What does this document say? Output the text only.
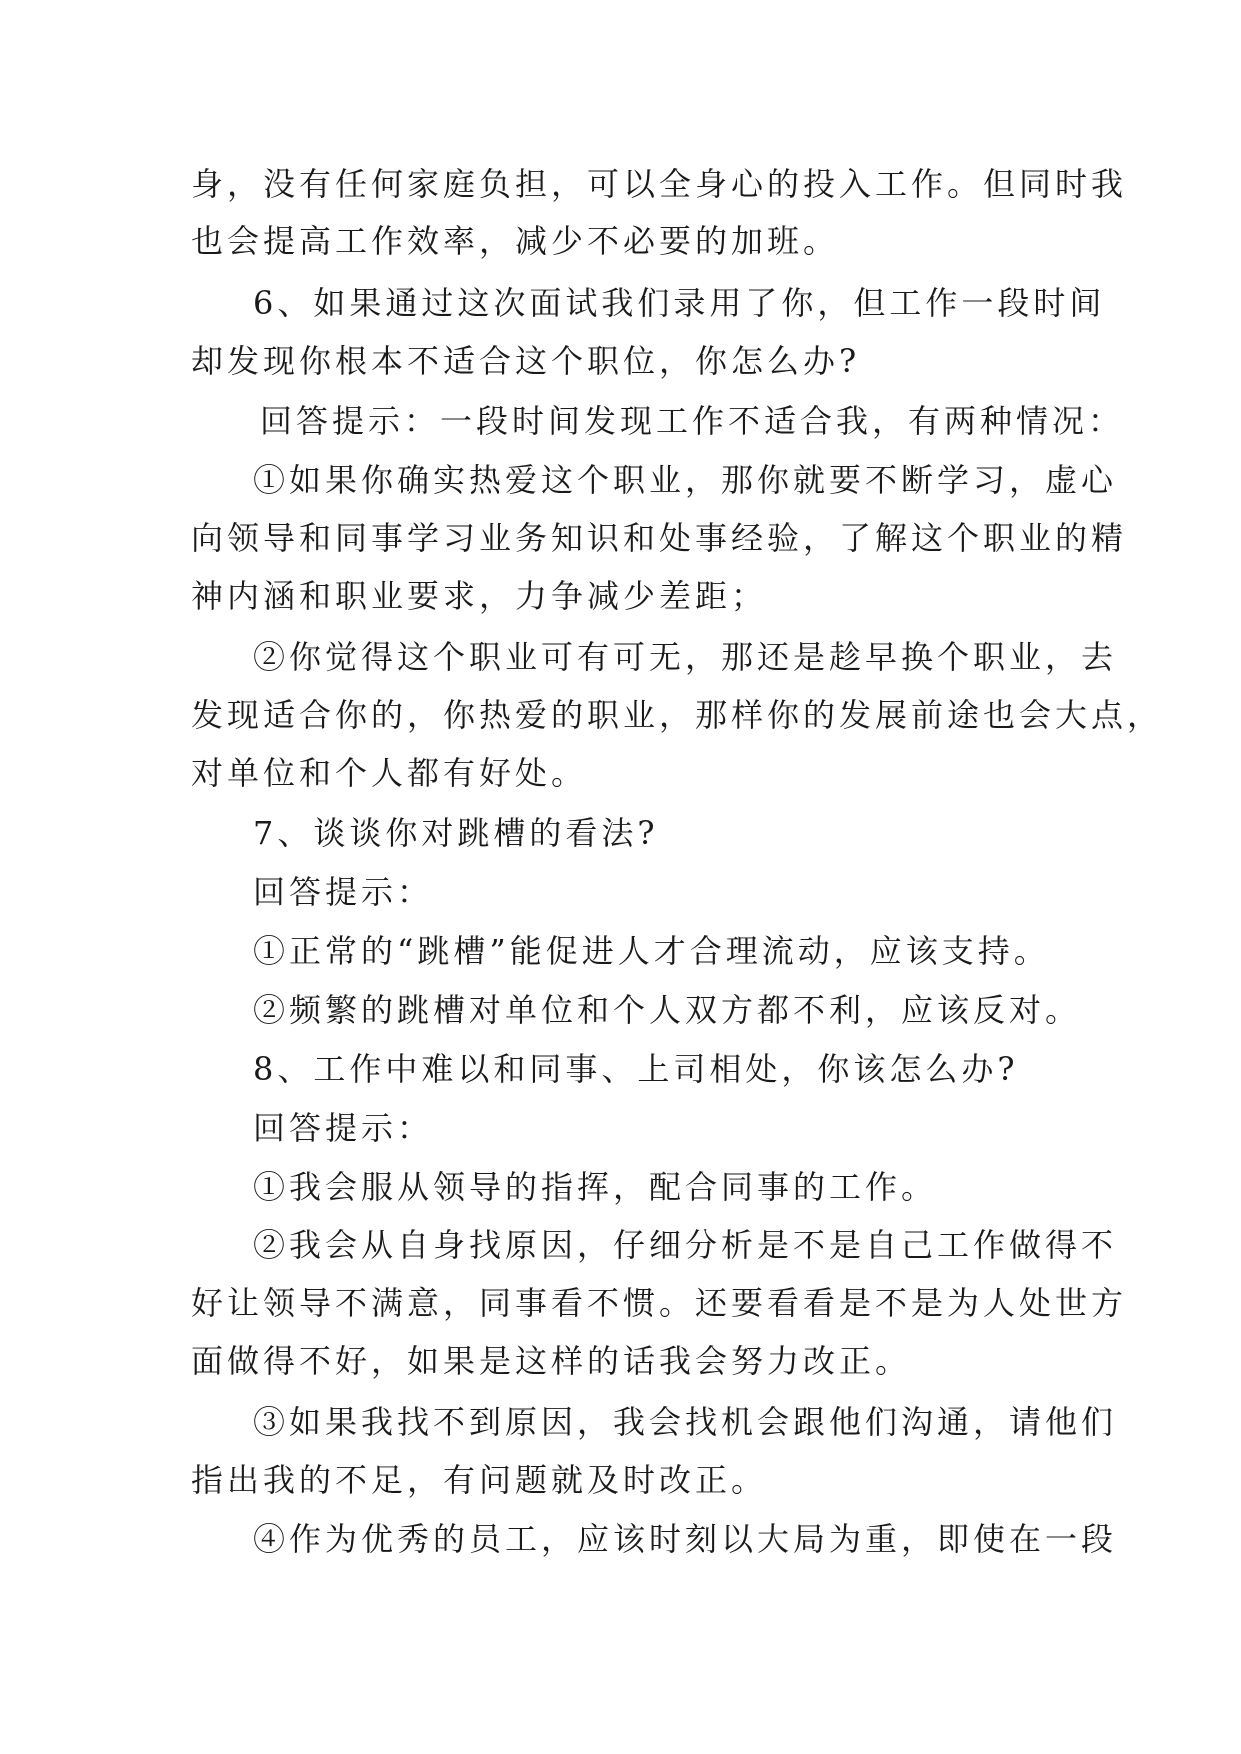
身，没有任何家庭负担，可以全身心的投入工作。但同时我
也会提高工作效率，减少不必要的加班。
6、如果通过这次面试我们录用了你，但工作一段时间
却发现你根本不适合这个职位，你怎么办?
回答提示：一段时间发现工作不适合我，有两种情况：
①如果你确实热爱这个职业，那你就要不断学习，虚心
向领导和同事学习业务知识和处事经验，了解这个职业的精
神内涵和职业要求，力争减少差距；
②你觉得这个职业可有可无，那还是趁早换个职业，去
发现适合你的，你热爱的职业，那样你的发展前途也会大点，
对单位和个人都有好处。
7、谈谈你对跳槽的看法?
回答提示：
①正常的“跳槽”能促进人才合理流动，应该支持。
②频繁的跳槽对单位和个人双方都不利，应该反对。
8、工作中难以和同事、上司相处，你该怎么办?
回答提示：
①我会服从领导的指挥，配合同事的工作。
②我会从自身找原因，仔细分析是不是自己工作做得不
好让领导不满意，同事看不惯。还要看看是不是为人处世方
面做得不好，如果是这样的话我会努力改正。
③如果我找不到原因，我会找机会跟他们沟通，请他们
指出我的不足，有问题就及时改正。
④作为优秀的员工，应该时刻以大局为重，即使在一段
